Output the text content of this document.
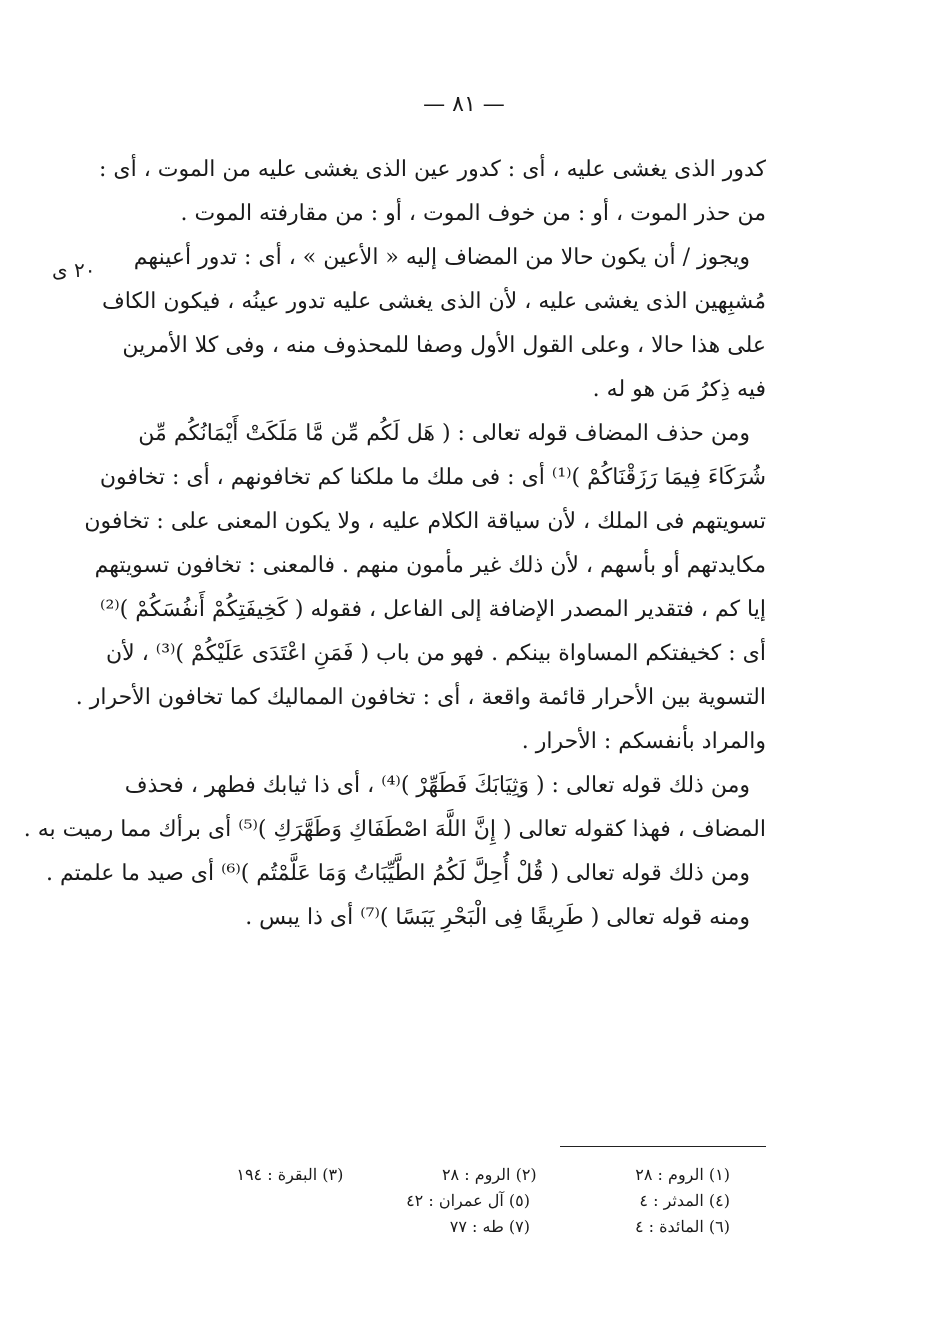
— ٨١ —
٢٠ ى
كدور الذى يغشى عليه ، أى : كدور عين الذى يغشى عليه من الموت ، أى :
من حذر الموت ، أو : من خوف الموت ، أو : من مقارفته الموت .
ويجوز / أن يكون حالا من المضاف إليه « الأعين » ، أى : تدور أعينهم
مُشبِهين الذى يغشى عليه ، لأن الذى يغشى عليه تدور عينُه ، فيكون الكاف
على هذا حالا ، وعلى القول الأول وصفا للمحذوف منه ، وفى كلا الأمرين
فيه ذِكرُ مَن هو له .
ومن حذف المضاف قوله تعالى : ( هَل لَكُم مِّن مَّا مَلَكَتْ أَيْمَانُكُم مِّن
شُرَكَاءَ فِيمَا رَزَقْنَاكُمْ )⁽¹⁾ أى : فى ملك ما ملكنا كم تخافونهم ، أى : تخافون
تسويتهم فى الملك ، لأن سياقة الكلام عليه ، ولا يكون المعنى على : تخافون
مكايدتهم أو بأسهم ، لأن ذلك غير مأمون منهم . فالمعنى : تخافون تسويتهم
إيا كم ، فتقدير المصدر الإضافة إلى الفاعل ، فقوله ( كَخِيفَتِكُمْ أَنفُسَكُمْ )⁽²⁾
أى : كخيفتكم المساواة بينكم . فهو من باب ( فَمَنِ اعْتَدَى عَلَيْكُمْ )⁽³⁾ ، لأن
التسوية بين الأحرار قائمة واقعة ، أى : تخافون المماليك كما تخافون الأحرار .
والمراد بأنفسكم : الأحرار .
ومن ذلك قوله تعالى : ( وَثِيَابَكَ فَطَهِّرْ )⁽⁴⁾ ، أى ذا ثيابك فطهر ، فحذف
المضاف ، فهذا كقوله تعالى ( إِنَّ اللَّهَ اصْطَفَاكِ وَطَهَّرَكِ )⁽⁵⁾ أى برأك مما رميت به .
ومن ذلك قوله تعالى ( قُلْ أُحِلَّ لَكُمُ الطَّيِّبَاتُ وَمَا عَلَّمْتُم )⁽⁶⁾ أى صيد ما علمتم .
ومنه قوله تعالى ( طَرِيقًا فِى الْبَحْرِ يَبَسًا )⁽⁷⁾ أى ذا يبس .
(١) الروم : ٢٨
(٢) الروم : ٢٨
(٣) البقرة : ١٩٤
(٤) المدثر : ٤
(٥) آل عمران : ٤٢
(٦) المائدة : ٤
(٧) طه : ٧٧
